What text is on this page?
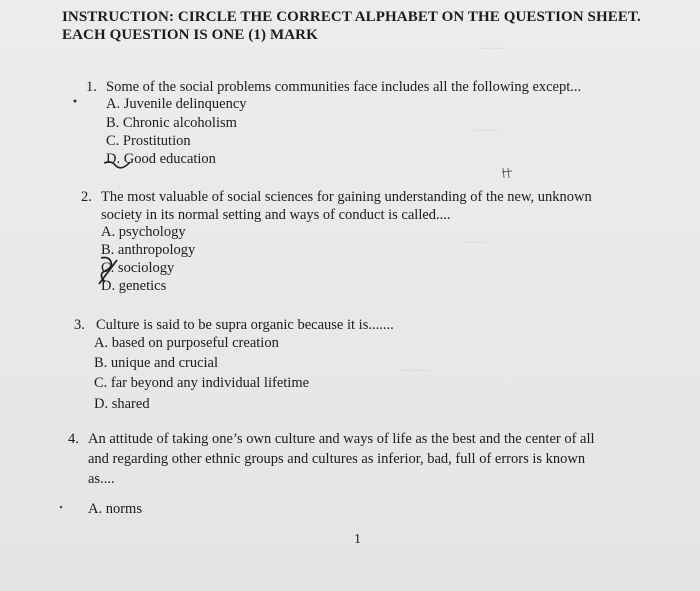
........
..........
..........
..........
INSTRUCTION: CIRCLE THE CORRECT ALPHABET ON THE QUESTION SHEET.
EACH QUESTION IS ONE (1) MARK
1. Some of the social problems communities face includes all the following except...
A. Juvenile delinquency
B. Chronic alcoholism
C. Prostitution
D. Good education
2. The most valuable of social sciences for gaining understanding of the new, unknown
society in its normal setting and ways of conduct is called....
A. psychology
B. anthropology
C. sociology
D. genetics
3. Culture is said to be supra organic because it is.......
A. based on purposeful creation
B. unique and crucial
C. far beyond any individual lifetime
D. shared
4. An attitude of taking one’s own culture and ways of life as the best and the center of all
and regarding other ethnic groups and cultures as inferior, bad, full of errors is known
as....
A. norms
1
